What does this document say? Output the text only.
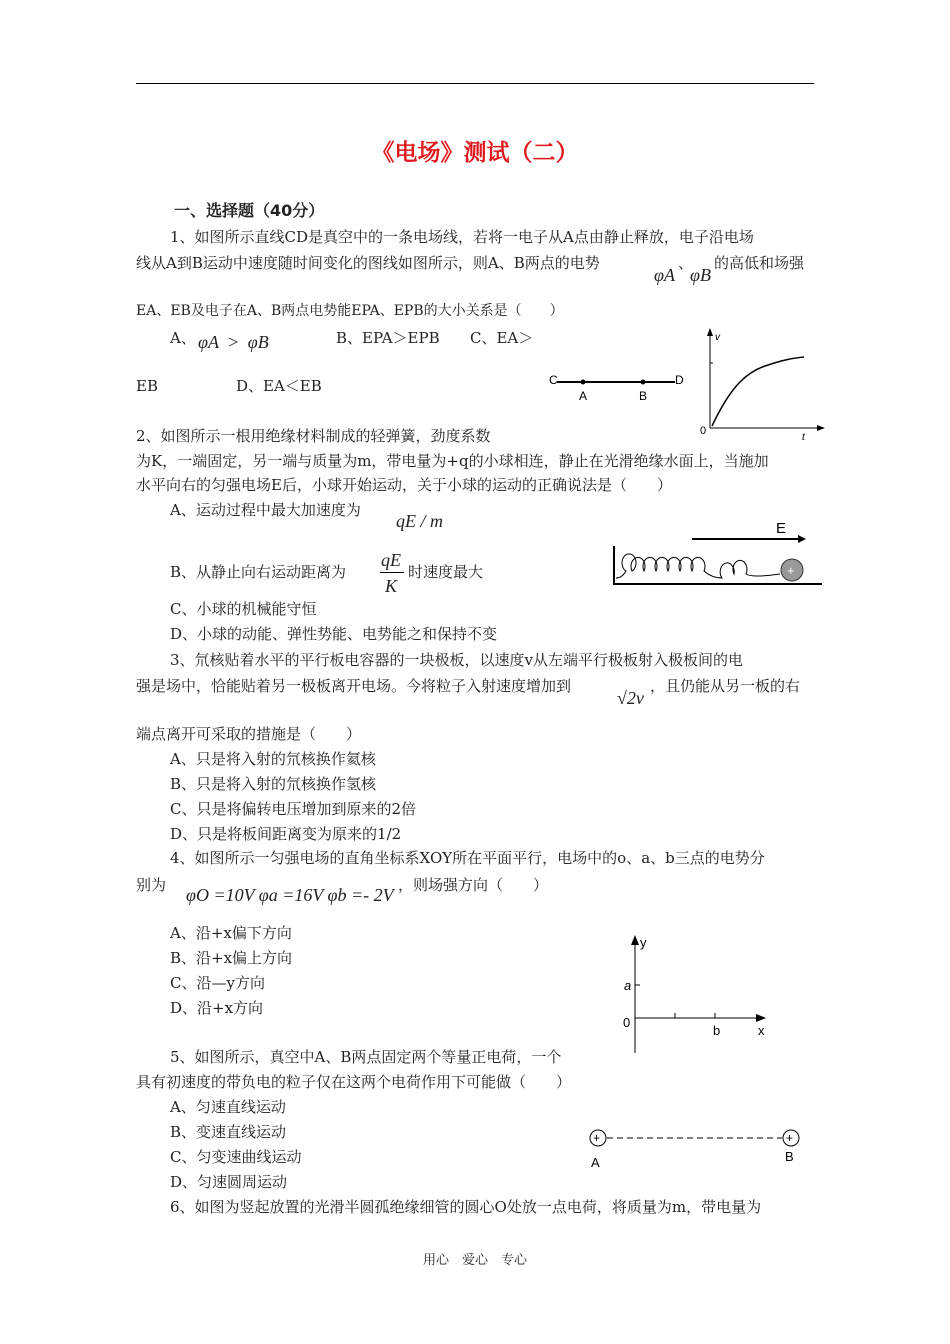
《电场》测试（二）
一、选择题（40分）
1、如图所示直线CD是真空中的一条电场线，若将一电子从A点由静止释放，电子沿电场
线从A到B运动中速度随时间变化的图线如图所示，则A、B两点的电势
φA
、
φB
的高低和场强
EA、EB及电子在A、B两点电势能EPA、EPB的大小关系是（　　）
A、 φA > φB	B、EPA＞EPB C、EA＞
EB	D、EA＜EB	C	D
A	B
v
0
t
2、如图所示一根用绝缘材料制成的轻弹簧，劲度系数
为K，一端固定，另一端与质量为m，带电量为+q的小球相连，静止在光滑绝缘水面上，当施加
水平向右的匀强电场E后，小球开始运动，关于小球的运动的正确说法是（　　）
A、运动过程中最大加速度为
qE / m
B、从静止向右运动距离为
qE
K
时速度最大
C、小球的机械能守恒
D、小球的动能、弹性势能、电势能之和保持不变
E
+
3、氘核贴着水平的平行板电容器的一块极板，以速度v从左端平行极板射入极板间的电
强是场中，恰能贴着另一极板离开电场。今将粒子入射速度增加到
√2v
，且仍能从另一板的右
端点离开可采取的措施是（　　）
A、只是将入射的氘核换作氦核
B、只是将入射的氘核换作氢核
C、只是将偏转电压增加到原来的2倍
D、只是将板间距离变为原来的1/2
4、如图所示一匀强电场的直角坐标系XOY所在平面平行，电场中的o、a、b三点的电势分
别为 φO =10V φa =16V φb =- 2V ，则场强方向（　　）
A、沿+x偏下方向
B、沿+x偏上方向
C、沿—y方向
D、沿+x方向
y
a
0
b	x
5、如图所示，真空中A、B两点固定两个等量正电荷，一个
具有初速度的带负电的粒子仅在这两个电荷作用下可能做（　　）
A、匀速直线运动
B、变速直线运动
C、匀变速曲线运动
D、匀速圆周运动
+	+
A	B
6、如图为竖起放置的光滑半圆孤绝缘细管的圆心O处放一点电荷，将质量为m，带电量为
用心　爱心　专心
